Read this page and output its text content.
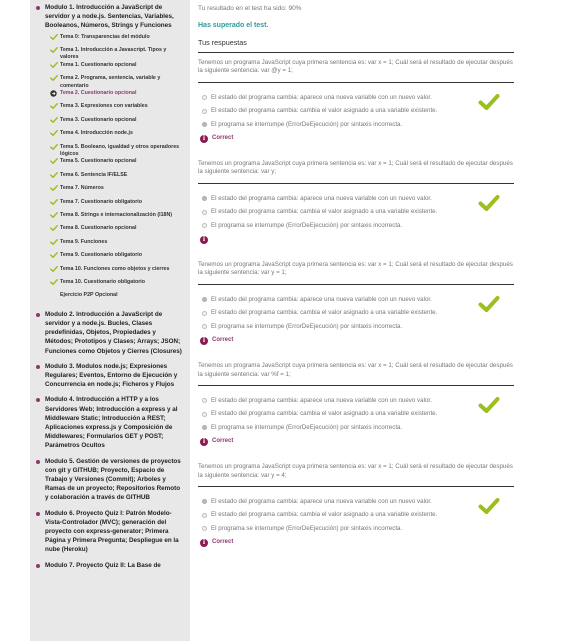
Modulo 1. Introducción a JavaScript de servidor y a node.js. Sentencias, Variables, Booleanos, Números, Strings y Funciones
Tema 0: Transparencias del módulo
Tema 1. Introducción a Javascript. Tipos y valores
Tema 1. Cuestionario opcional
Tema 2. Programa, sentencia, variable y comentario
Tema 2. Cuestionario opcional
Tema 3. Expresiones con variables
Tema 3. Cuestionario opcional
Tema 4. Introducción node.js
Tema 5. Booleano, igualdad y otros operadores lógicos
Tema 5. Cuestionario opcional
Tema 6. Sentencia IF/ELSE
Tema 7. Números
Tema 7. Cuestionario obligatorio
Tema 8. Strings e internacionalización (I18N)
Tema 8. Cuestionario opcional
Tema 9. Funciones
Tema 9. Cuestionario obligatorio
Tema 10. Funciones como objetos y cierres
Tema 10. Cuestionario obligatorio
Ejercicio P2P Opcional
Modulo 2. Introducción a JavaScript de servidor y a node.js. Bucles, Clases predefinidas, Objetos, Propiedades y Métodos; Prototipos y Clases; Arrays; JSON; Funciones como Objetos y Cierres (Closures)
Modulo 3. Modulos node.js; Expresiones Regulares; Eventos, Entorno de Ejecución y Concurrencia en node.js; Ficheros y Flujos
Modulo 4. Introducción a HTTP y a los Servidores Web; Introducción a express y al Middleware Static; Introducción a REST; Aplicaciones express.js y Composición de Middlewares; Formularios GET y POST; Parámetros Ocultos
Modulo 5. Gestión de versiones de proyectos con git y GITHUB; Proyecto, Espacio de Trabajo y Versiones (Commit); Arboles y Ramas de un proyecto; Repositorios Remoto y colaboración a través de GITHUB
Modulo 6. Proyecto Quiz I: Patrón Modelo-Vista-Controlador (MVC); generación del proyecto con express-generator; Primera Página y Primera Pregunta; Despliegue en la nube (Heroku)
Modulo 7. Proyecto Quiz II: La Base de
Tu resultado en el test ha sido: 90%
Has superado el test.
Tus respuestas
Tenemos un programa JavaScript cuya primera sentencia es: var x = 1; Cuál será el resultado de ejecutar después la siguiente sentencia: var @y = 1;
El estado del programa cambia: aparece una nueva variable con un nuevo valor.
El estado del programa cambia: cambia el valor asignado a una variable existente.
El programa se interrumpe (ErrorDeEjecución) por sintaxis incorrecta.
i	Correct
Tenemos un programa JavaScript cuya primera sentencia es: var x = 1; Cuál será el resultado de ejecutar después la siguiente sentencia: var y;
El estado del programa cambia: aparece una nueva variable con un nuevo valor.
El estado del programa cambia: cambia el valor asignado a una variable existente.
El programa se interrumpe (ErrorDeEjecución) por sintaxis incorrecta.
i
Tenemos un programa JavaScript cuya primera sentencia es: var x = 1; Cuál será el resultado de ejecutar después la siguiente sentencia: var y = 1;
El estado del programa cambia: aparece una nueva variable con un nuevo valor.
El estado del programa cambia: cambia el valor asignado a una variable existente.
El programa se interrumpe (ErrorDeEjecución) por sintaxis incorrecta.
i	Correct
Tenemos un programa JavaScript cuya primera sentencia es: var x = 1; Cuál será el resultado de ejecutar después la siguiente sentencia: var %f = 1;
El estado del programa cambia: aparece una nueva variable con un nuevo valor.
El estado del programa cambia: cambia el valor asignado a una variable existente.
El programa se interrumpe (ErrorDeEjecución) por sintaxis incorrecta.
i	Correct
Tenemos un programa JavaScript cuya primera sentencia es: var x = 1; Cuál será el resultado de ejecutar después la siguiente sentencia: var y = 4;
El estado del programa cambia: aparece una nueva variable con un nuevo valor.
El estado del programa cambia: cambia el valor asignado a una variable existente.
El programa se interrumpe (ErrorDeEjecución) por sintaxis incorrecta.
i	Correct
